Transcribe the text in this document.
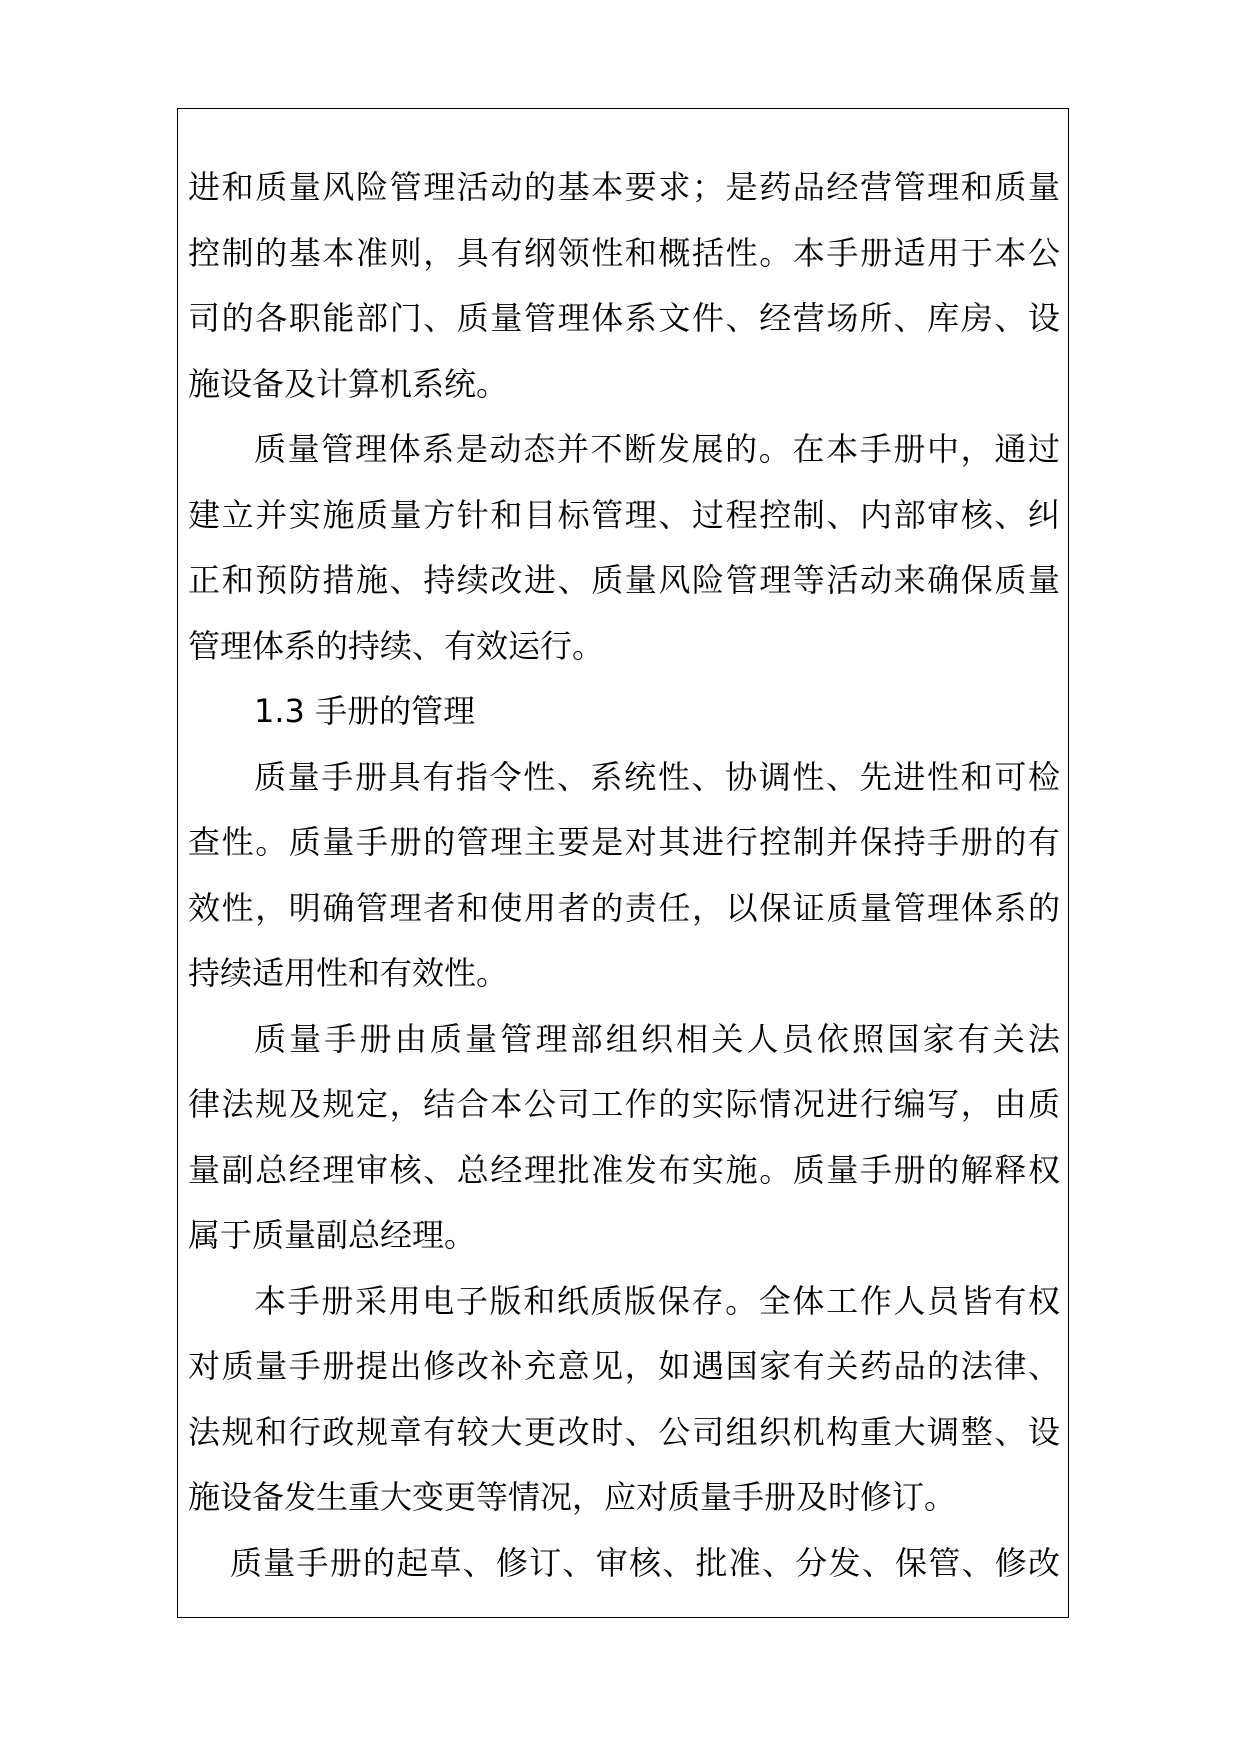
进和质量风险管理活动的基本要求；是药品经营管理和质量
控制的基本准则，具有纲领性和概括性。本手册适用于本公
司的各职能部门、质量管理体系文件、经营场所、库房、设
施设备及计算机系统。
质量管理体系是动态并不断发展的。在本手册中，通过
建立并实施质量方针和目标管理、过程控制、内部审核、纠
正和预防措施、持续改进、质量风险管理等活动来确保质量
管理体系的持续、有效运行。
1.3 手册的管理
质量手册具有指令性、系统性、协调性、先进性和可检
查性。质量手册的管理主要是对其进行控制并保持手册的有
效性，明确管理者和使用者的责任，以保证质量管理体系的
持续适用性和有效性。
质量手册由质量管理部组织相关人员依照国家有关法
律法规及规定，结合本公司工作的实际情况进行编写，由质
量副总经理审核、总经理批准发布实施。质量手册的解释权
属于质量副总经理。
本手册采用电子版和纸质版保存。全体工作人员皆有权
对质量手册提出修改补充意见，如遇国家有关药品的法律、
法规和行政规章有较大更改时、公司组织机构重大调整、设
施设备发生重大变更等情况，应对质量手册及时修订。
质量手册的起草、修订、审核、批准、分发、保管、修改
